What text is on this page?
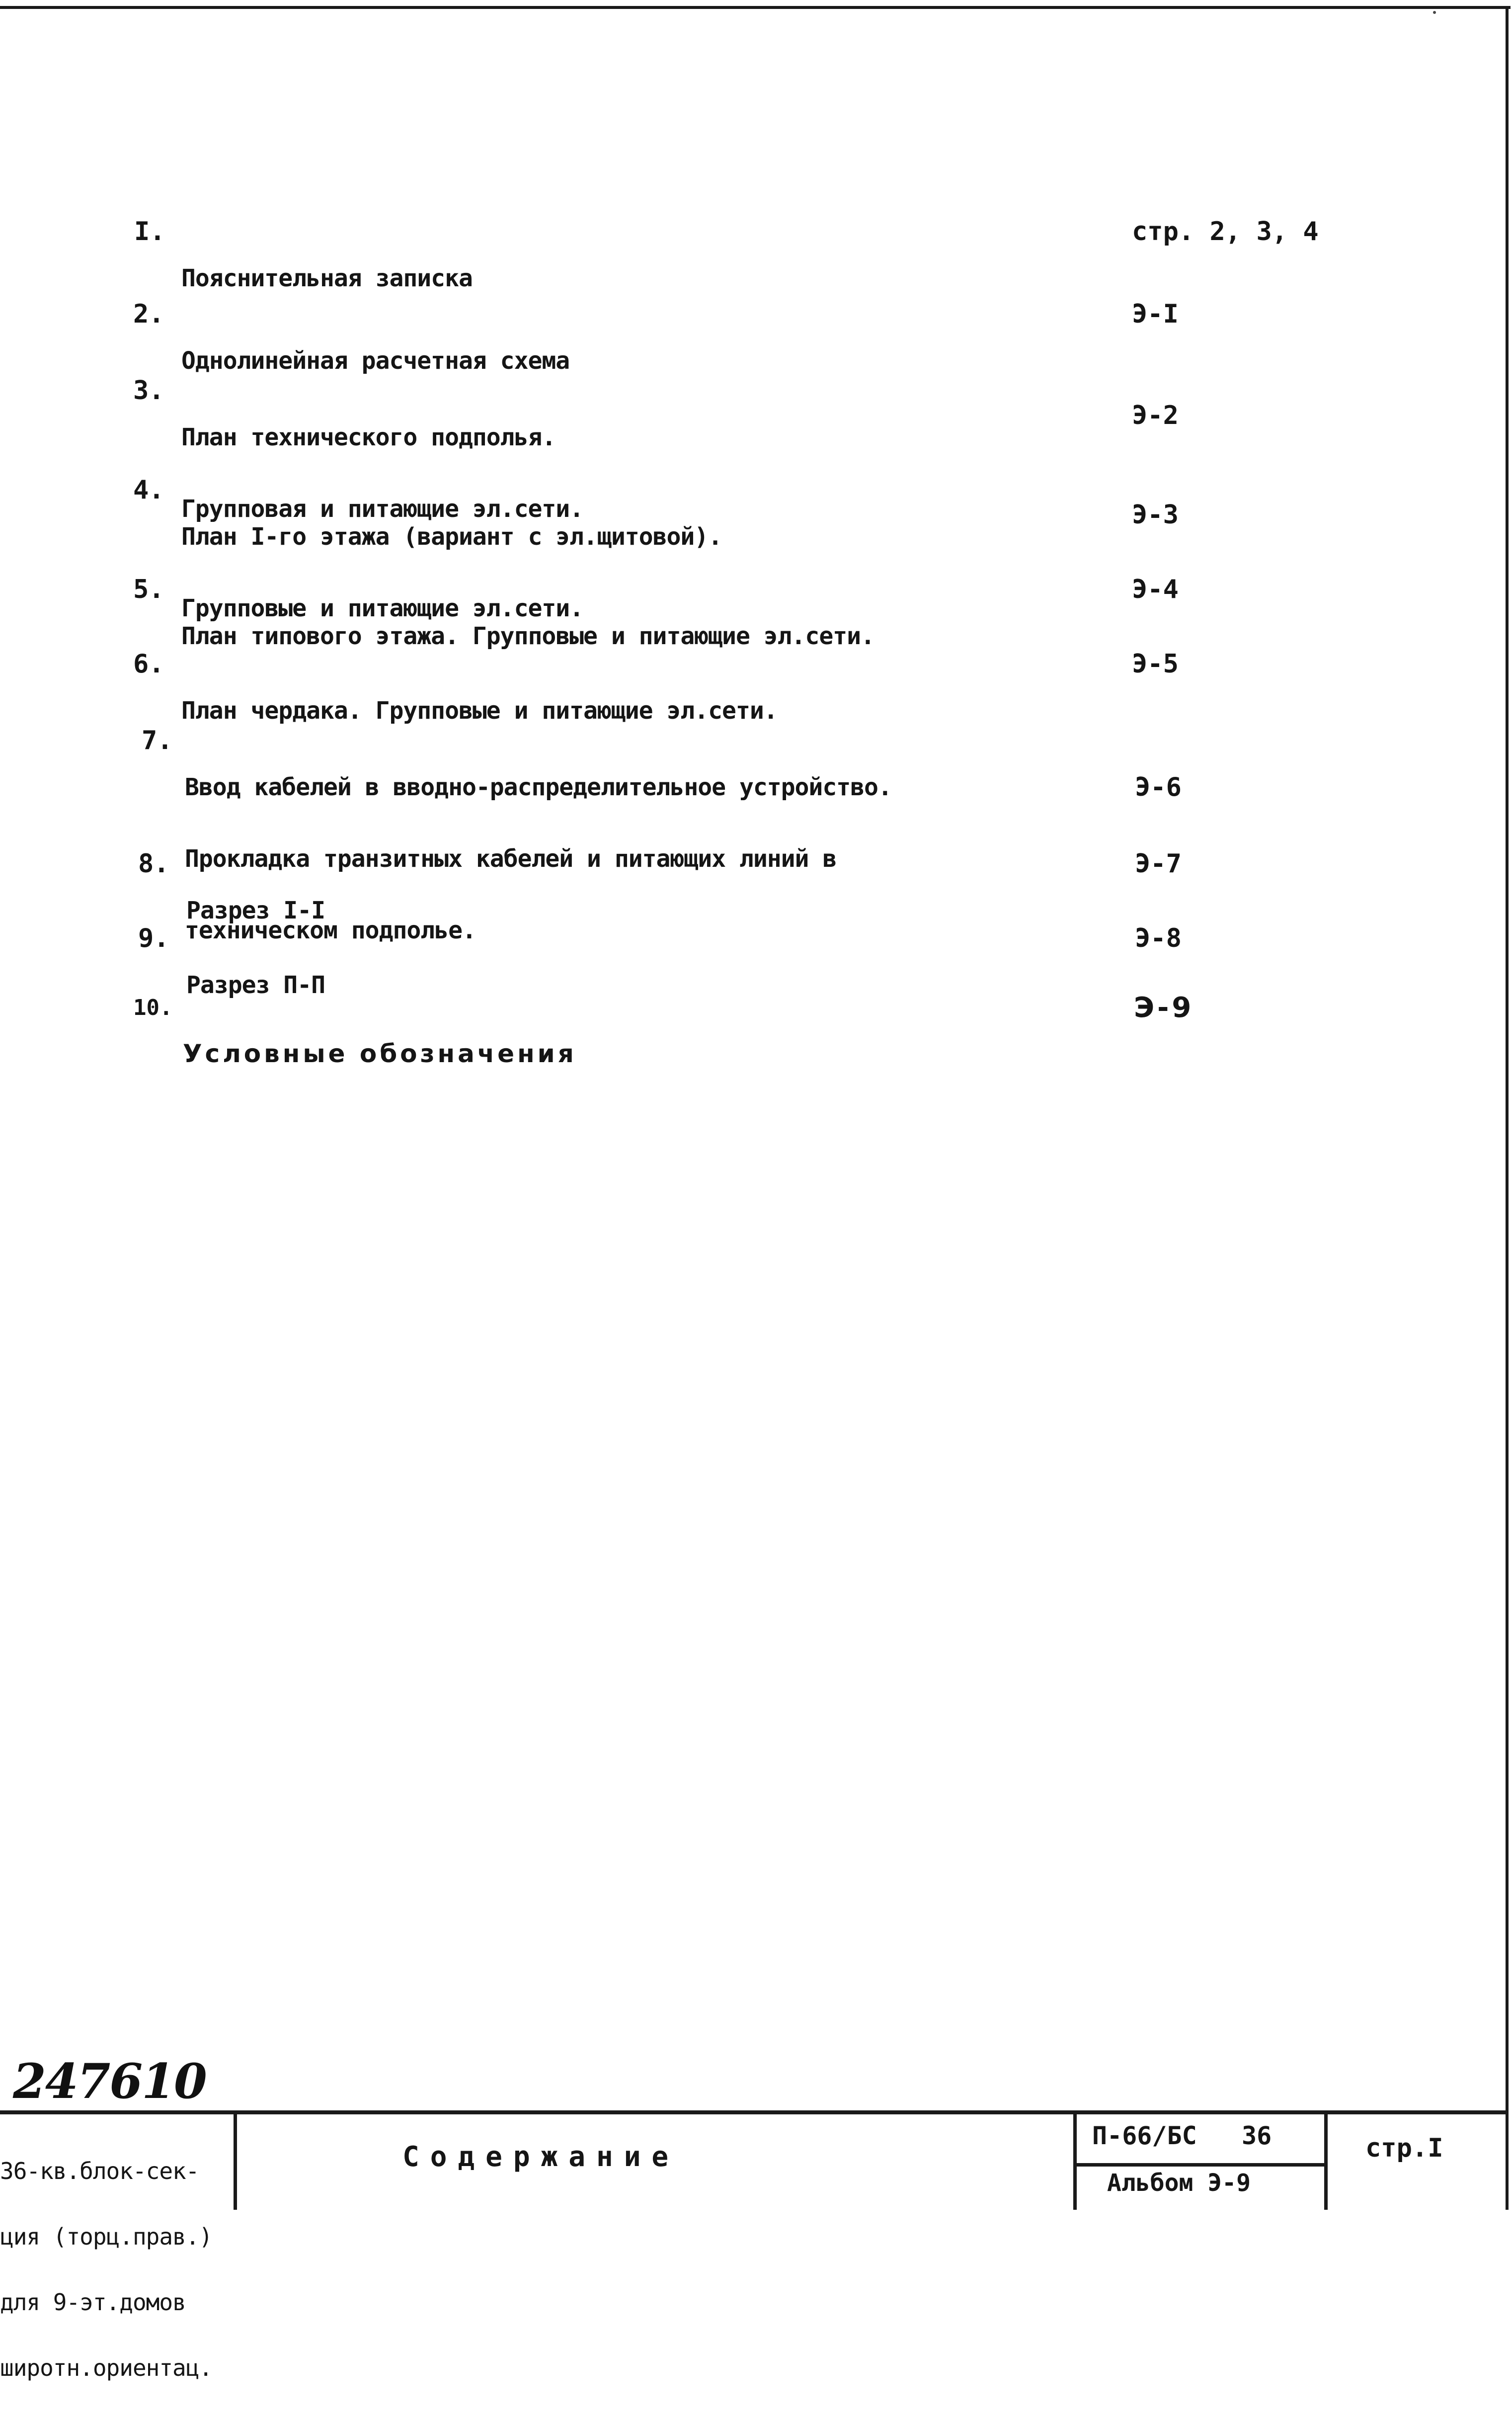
I.

Пояснительная записка

стр. 2, 3, 4
2.

Однолинейная расчетная схема

Э-I
3.

План технического подполья.

Групповая и питающие эл.сети.

Э-2
4.

План I-го этажа (вариант с эл.щитовой).

Групповые и питающие эл.сети.

Э-3
5.

План типового этажа. Групповые и питающие эл.сети.

Э-4
6.

План чердака. Групповые и питающие эл.сети.

Э-5
7.

Ввод кабелей в вводно-распределительное устройство.

Прокладка транзитных кабелей и питающих линий в

техническом подполье.

Э-6
8.

Разрез I-I

Э-7
9.

Разрез П-П

Э-8
10.

Условные обозначения

Э-9
247610

36-кв.блок-сек-

ция (торц.прав.)

для 9-эт.домов

широтн.ориентац.

Содержание
П-66/БС   36
Альбом Э-9
стр.I
